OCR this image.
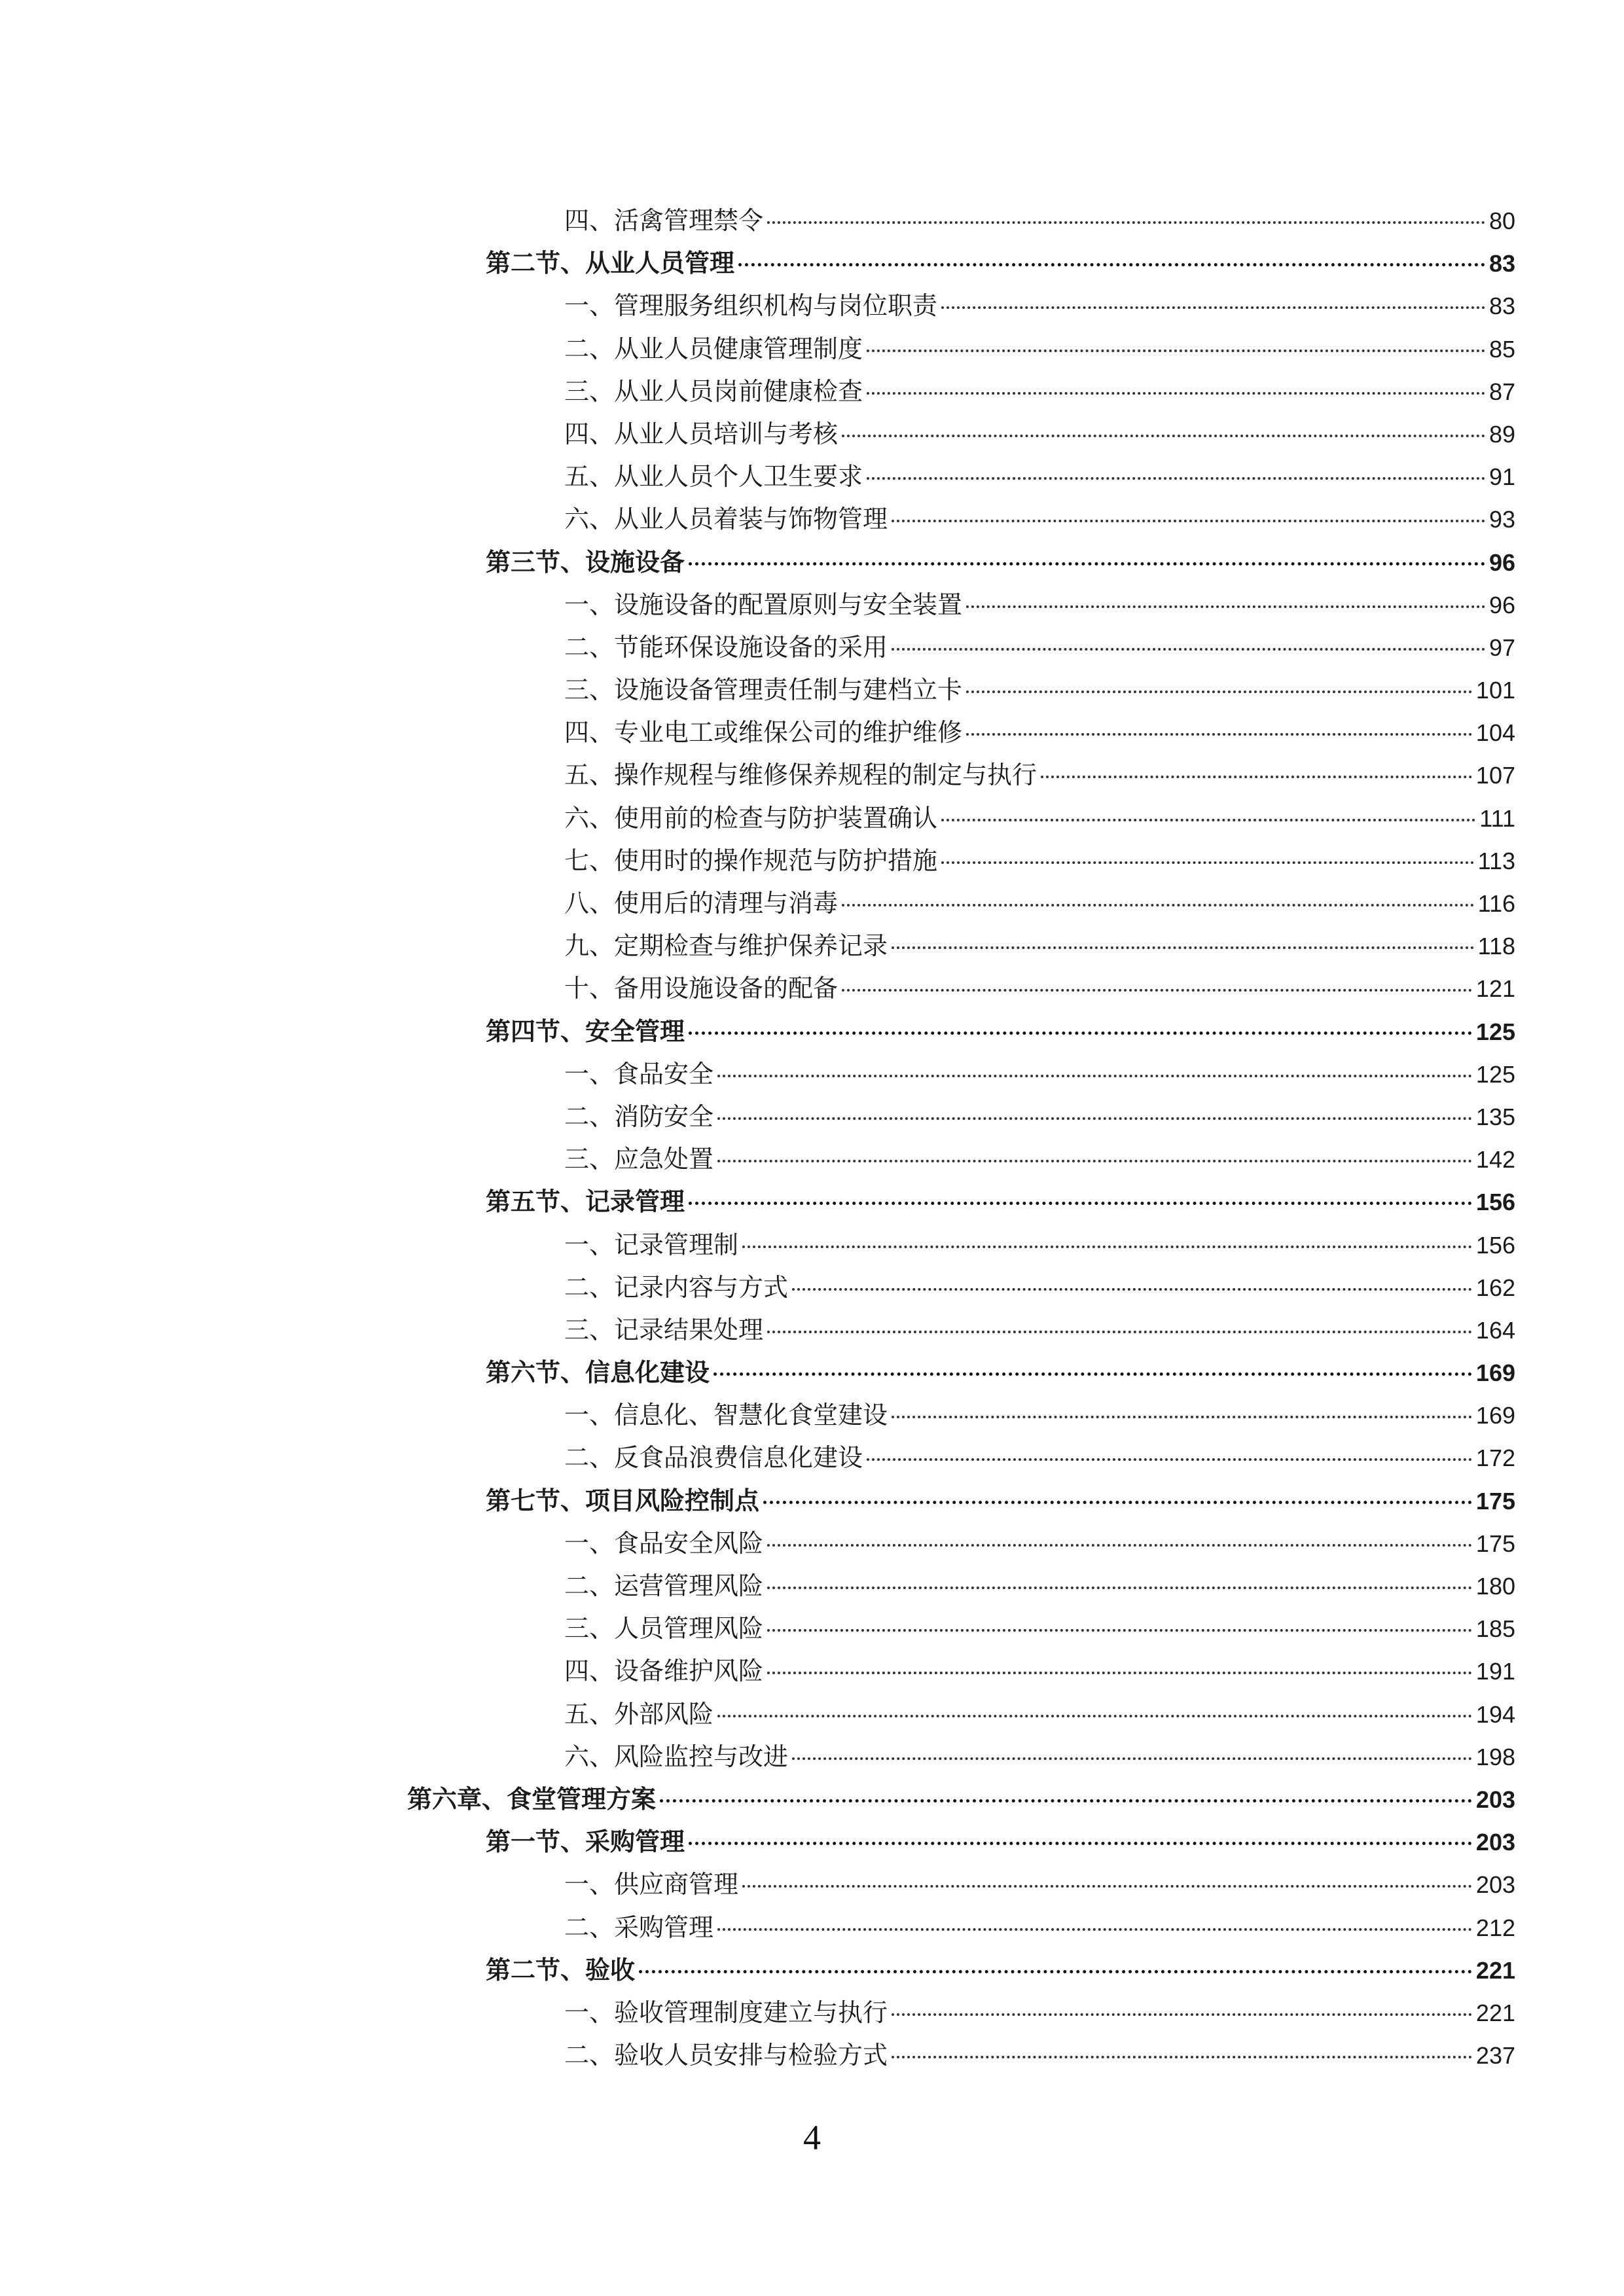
四、活禽管理禁令	80
第二节、从业人员管理	83
一、管理服务组织机构与岗位职责	83
二、从业人员健康管理制度	85
三、从业人员岗前健康检查	87
四、从业人员培训与考核	89
五、从业人员个人卫生要求	91
六、从业人员着装与饰物管理	93
第三节、设施设备	96
一、设施设备的配置原则与安全装置	96
二、节能环保设施设备的采用	97
三、设施设备管理责任制与建档立卡	101
四、专业电工或维保公司的维护维修	104
五、操作规程与维修保养规程的制定与执行	107
六、使用前的检查与防护装置确认	111
七、使用时的操作规范与防护措施	113
八、使用后的清理与消毒	116
九、定期检查与维护保养记录	118
十、备用设施设备的配备	121
第四节、安全管理	125
一、食品安全	125
二、消防安全	135
三、应急处置	142
第五节、记录管理	156
一、记录管理制	156
二、记录内容与方式	162
三、记录结果处理	164
第六节、信息化建设	169
一、信息化、智慧化食堂建设	169
二、反食品浪费信息化建设	172
第七节、项目风险控制点	175
一、食品安全风险	175
二、运营管理风险	180
三、人员管理风险	185
四、设备维护风险	191
五、外部风险	194
六、风险监控与改进	198
第六章、食堂管理方案	203
第一节、采购管理	203
一、供应商管理	203
二、采购管理	212
第二节、验收	221
一、验收管理制度建立与执行	221
二、验收人员安排与检验方式	237
4
